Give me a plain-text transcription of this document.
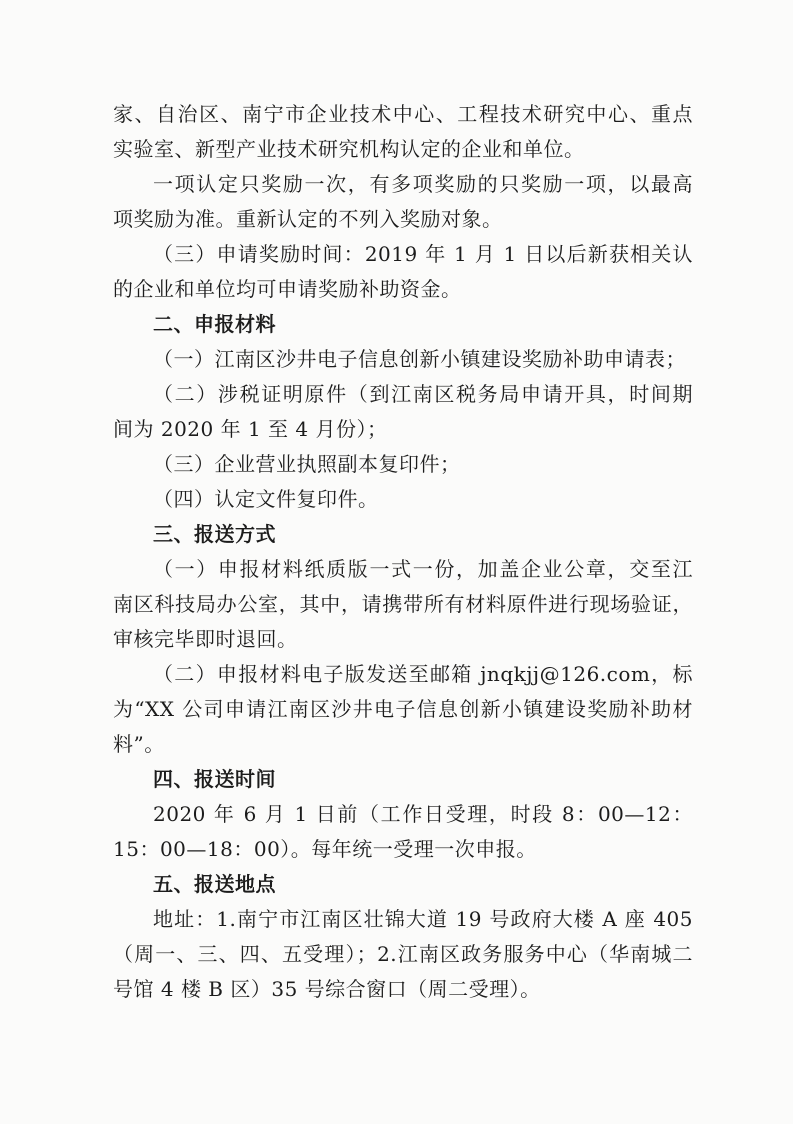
家、自治区、南宁市企业技术中心、工程技术研究中心、重点
实验室、新型产业技术研究机构认定的企业和单位。
一项认定只奖励一次，有多项奖励的只奖励一项，以最高
项奖励为准。重新认定的不列入奖励对象。
（三）申请奖励时间：2019 年 1 月 1 日以后新获相关认
的企业和单位均可申请奖励补助资金。
二、申报材料
（一）江南区沙井电子信息创新小镇建设奖励补助申请表；
（二）涉税证明原件（到江南区税务局申请开具，时间期
间为 2020 年 1 至 4 月份）；
（三）企业营业执照副本复印件；
（四）认定文件复印件。
三、报送方式
（一）申报材料纸质版一式一份，加盖企业公章，交至江
南区科技局办公室，其中，请携带所有材料原件进行现场验证，
审核完毕即时退回。
（二）申报材料电子版发送至邮箱 jnqkjj@126.com，标
为“XX 公司申请江南区沙井电子信息创新小镇建设奖励补助材
料”。
四、报送时间
2020 年 6 月 1 日前（工作日受理，时段 8：00—12：
15：00—18：00）。每年统一受理一次申报。
五、报送地点
地址：1.南宁市江南区壮锦大道 19 号政府大楼 A 座 405
（周一、三、四、五受理）；2.江南区政务服务中心（华南城二
号馆 4 楼 B 区）35 号综合窗口（周二受理）。
